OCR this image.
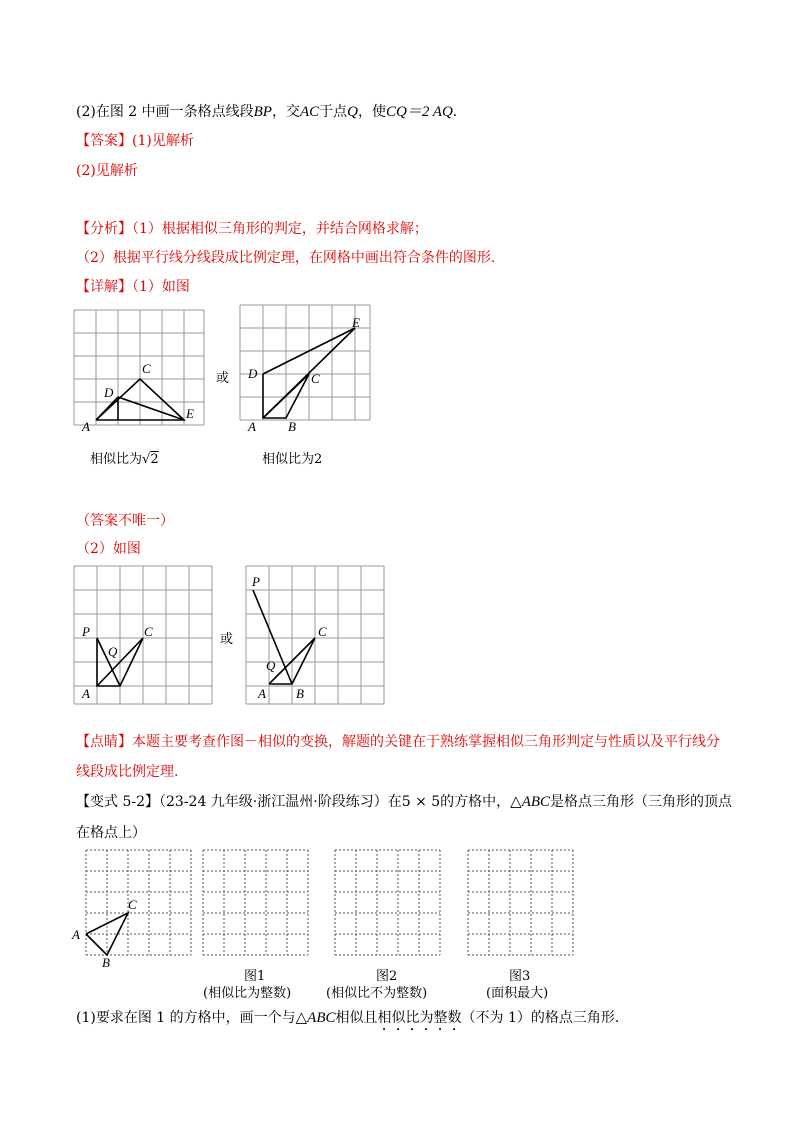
(2)在图 2 中画一条格点线段BP，交AC于点Q，使CQ＝2 AQ.
【答案】(1)见解析
(2)见解析
【分析】（1）根据相似三角形的判定，并结合网格求解；
（2）根据平行线分线段成比例定理，在网格中画出符合条件的图形.
【详解】（1）如图
A
C
D
E
或
A B
C
D
E
相似比为√2	相似比为2
（答案不唯一）
（2）如图
P	C
Q
A
或
P
C
Q
A B
【点睛】本题主要考查作图－相似的变换，解题的关键在于熟练掌握相似三角形判定与性质以及平行线分
线段成比例定理.
【变式 5-2】（23-24 九年级·浙江温州·阶段练习）在5 × 5的方格中，△ABC是格点三角形（三角形的顶点
在格点上）
A
B
C
图1
(相似比为整数)
图2
(相似比不为整数)
图3
(面积最大)
(1)要求在图 1 的方格中，画一个与△ABC相似且相似比为整数（不为 1）的格点三角形.
